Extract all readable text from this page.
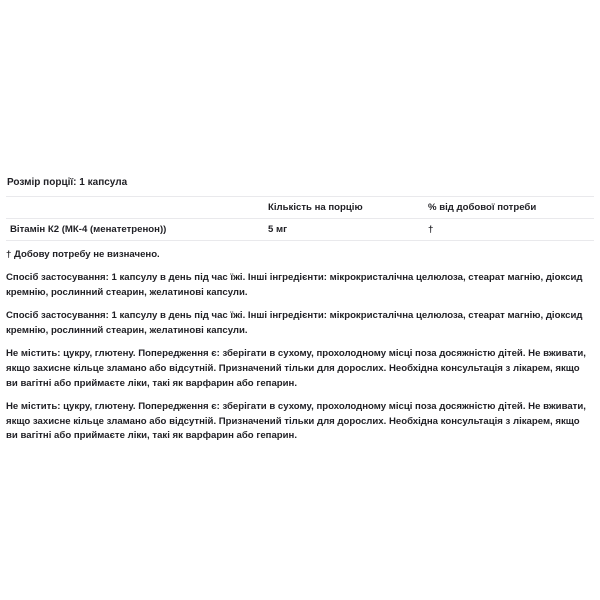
Розмір порції: 1 капсула
	Кількість на порцію	% від добової потреби
Вітамін К2 (МК-4 (менатетренон))	5 мг	†
† Добову потребу не визначено.

Спосіб застосування: 1 капсулу в день під час їжі. Інші інгредієнти: мікрокристалічна целюлоза, стеарат магнію, діоксид кремнію, рослинний стеарин, желатинові капсули.

Спосіб застосування: 1 капсулу в день під час їжі. Інші інгредієнти: мікрокристалічна целюлоза, стеарат магнію, діоксид кремнію, рослинний стеарин, желатинові капсули.

Не містить: цукру, глютену. Попередження є: зберігати в сухому, прохолодному місці поза досяжністю дітей. Не вживати, якщо захисне кільце зламано або відсутній. Призначений тільки для дорослих. Необхідна консультація з лікарем, якщо ви вагітні або приймаєте ліки, такі як варфарин або гепарин.

Не містить: цукру, глютену. Попередження є: зберігати в сухому, прохолодному місці поза досяжністю дітей. Не вживати, якщо захисне кільце зламано або відсутній. Призначений тільки для дорослих. Необхідна консультація з лікарем, якщо ви вагітні або приймаєте ліки, такі як варфарин або гепарин.
